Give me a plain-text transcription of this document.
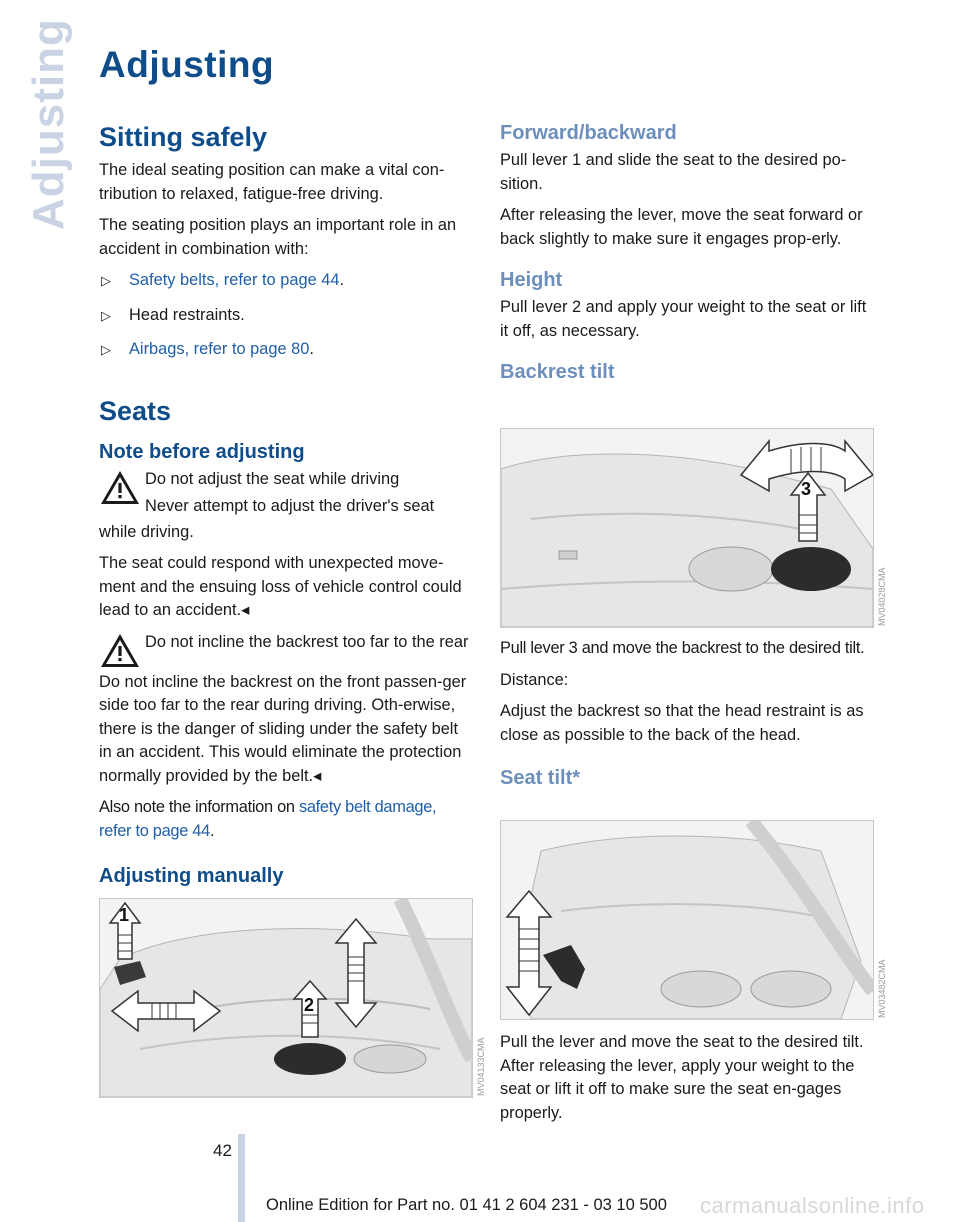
Adjusting Adjusting
Sitting safely

The ideal seating position can make a vital con-tribution to relaxed, fatigue-free driving.

The seating position plays an important role in an accident in combination with:

▷ Safety belts, refer to page 44.
▷ Head restraints.
▷ Airbags, refer to page 80.
Seats
Note before adjusting

Do not adjust the seat while driving

Never attempt to adjust the driver's seat

while driving.

The seat could respond with unexpected move-ment and the ensuing loss of vehicle control could lead to an accident.◂

Do not incline the backrest too far to the rear

Do not incline the backrest on the front passen-ger side too far to the rear during driving. Oth-erwise, there is the danger of sliding under the safety belt in an accident. This would eliminate the protection normally provided by the belt.◂

Also note the information on safety belt damage, refer to page 44.

Adjusting manually
1
2
MV04133CMA
Forward/backward

Pull lever 1 and slide the seat to the desired po-sition.

After releasing the lever, move the seat forward or back slightly to make sure it engages prop-erly.

Height

Pull lever 2 and apply your weight to the seat or lift it off, as necessary.

Backrest tilt
3
MV04028CMA

Pull lever 3 and move the backrest to the desired tilt.

Distance:

Adjust the backrest so that the head restraint is as close as possible to the back of the head.

Seat tilt*
MV03482CMA

Pull the lever and move the seat to the desired tilt. After releasing the lever, apply your weight to the seat or lift it off to make sure the seat en-gages properly.

42
Online Edition for Part no. 01 41 2 604 231 - 03 10 500 carmanualsonline.info
